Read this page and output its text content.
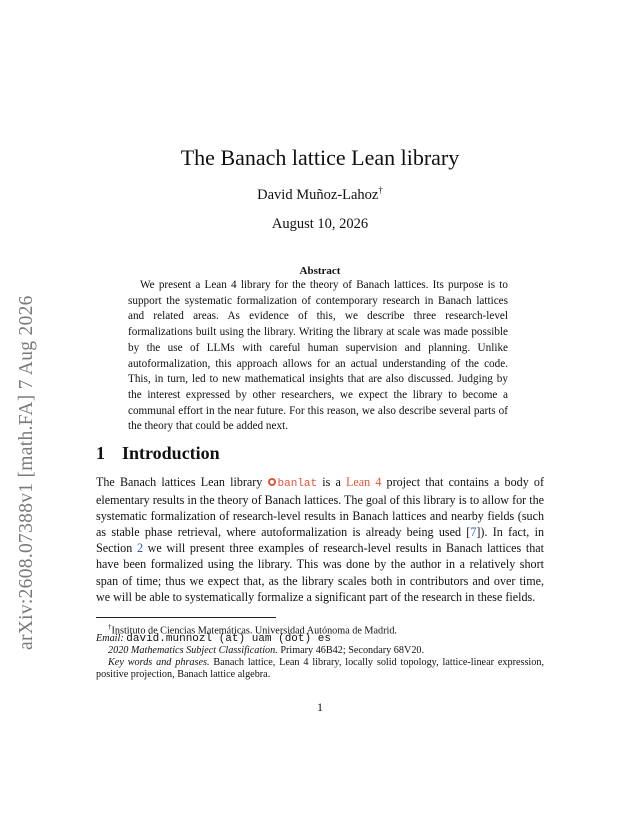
arXiv:2608.07388v1 [math.FA] 7 Aug 2026
The Banach lattice Lean library
David Muñoz-Lahoz†
August 10, 2026
Abstract
We present a Lean 4 library for the theory of Banach lattices. Its purpose is to support the systematic formalization of contemporary research in Banach lattices and related areas. As evidence of this, we describe three research-level formalizations built using the library. Writing the library at scale was made possible by the use of LLMs with careful human supervision and planning. Unlike autoformalization, this approach allows for an actual understanding of the code. This, in turn, led to new mathematical insights that are also discussed. Judging by the interest expressed by other researchers, we expect the library to become a communal effort in the near future. For this reason, we also describe several parts of the theory that could be added next.
1 Introduction
The Banach lattices Lean library banlat is a Lean 4 project that contains a body of elementary results in the theory of Banach lattices. The goal of this library is to allow for the systematic formalization of research-level results in Banach lattices and nearby fields (such as stable phase retrieval, where autoformalization is already being used [7]). In fact, in Section 2 we will present three examples of research-level results in Banach lattices that have been formalized using the library. This was done by the author in a relatively short span of time; thus we expect that, as the library scales both in contributors and over time, we will be able to systematically formalize a significant part of the research in these fields.
†Instituto de Ciencias Matemáticas. Universidad Autónoma de Madrid.
Email: david.munnozl (at) uam (dot) es
2020 Mathematics Subject Classification. Primary 46B42; Secondary 68V20.
Key words and phrases. Banach lattice, Lean 4 library, locally solid topology, lattice-linear expression, positive projection, Banach lattice algebra.
1
